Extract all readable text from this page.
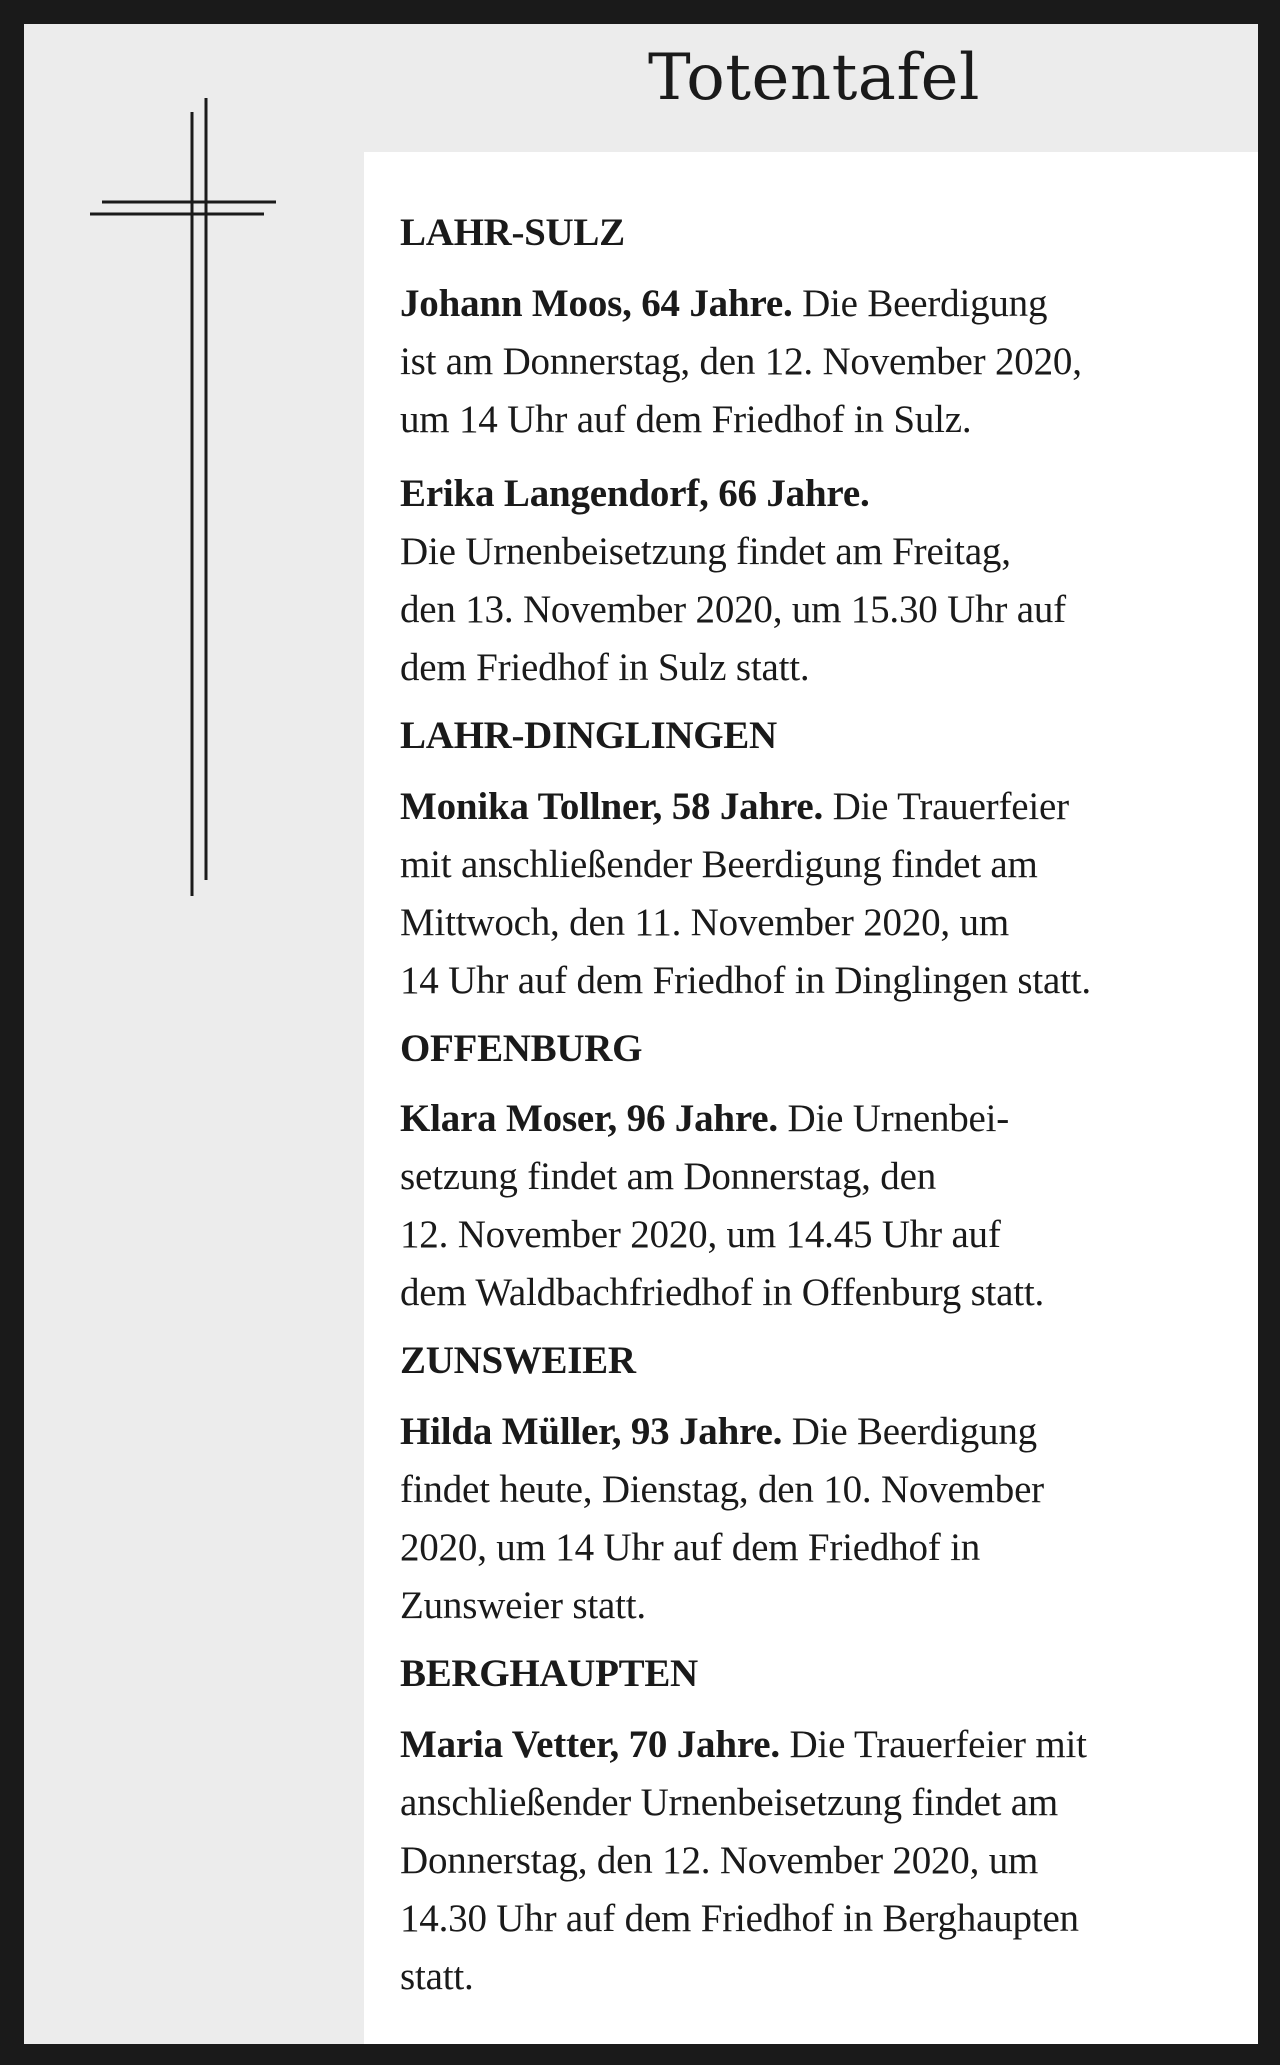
Totentafel
LAHR-SULZ
Johann Moos, 64 Jahre. Die Beerdigung
ist am Donnerstag, den 12. November 2020,
um 14 Uhr auf dem Friedhof in Sulz.
Erika Langendorf, 66 Jahre.
Die Urnenbeisetzung findet am Freitag,
den 13. November 2020, um 15.30 Uhr auf
dem Friedhof in Sulz statt.
LAHR-DINGLINGEN
Monika Tollner, 58 Jahre. Die Trauerfeier
mit anschließender Beerdigung findet am
Mittwoch, den 11. November 2020, um
14 Uhr auf dem Friedhof in Dinglingen statt.
OFFENBURG
Klara Moser, 96 Jahre. Die Urnenbei-
setzung findet am Donnerstag, den
12. November 2020, um 14.45 Uhr auf
dem Waldbachfriedhof in Offenburg statt.
ZUNSWEIER
Hilda Müller, 93 Jahre. Die Beerdigung
findet heute, Dienstag, den 10. November
2020, um 14 Uhr auf dem Friedhof in
Zunsweier statt.
BERGHAUPTEN
Maria Vetter, 70 Jahre. Die Trauerfeier mit
anschließender Urnenbeisetzung findet am
Donnerstag, den 12. November 2020, um
14.30 Uhr auf dem Friedhof in Berghaupten
statt.
